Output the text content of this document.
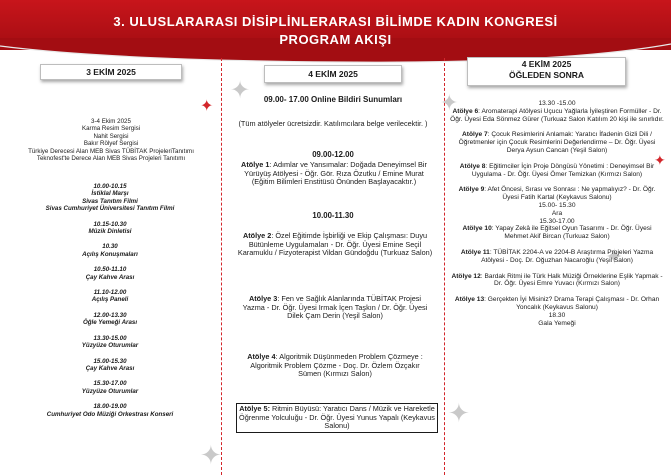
3. ULUSLARARASI DİSİPLİNLERARASI BİLİMDE KADIN KONGRESİ
PROGRAM AKIŞI
3 EKİM 2025	4 EKİM 2025
4 EKİM 2025
ÖĞLEDEN SONRA
✦	✦
✦
✦
✦
✦
✦
3-4 Ekim 2025
Karma Resim Sergisi
Nahit Sergisi
Bakır Rölyef Sergisi
Türkiye Derecesi Alan MEB Sivas TÜBİTAK ProjeleriTanıtımı
Teknofest'te Derece Alan MEB Sivas Projeleri Tanıtımı
10.00-10.15
İstiklal Marşı
Sivas Tanıtım Filmi
Sivas Cumhuriyet Üniversitesi Tanıtım Filmi
10.15-10.30
Müzik Dinletisi
10.30
Açılış Konuşmaları
10.50-11.10
Çay Kahve Arası
11.10-12.00
Açılış Paneli
12.00-13.30
Öğle Yemeği Arası
13.30-15.00
Yüzyüze Oturumlar
15.00-15.30
Çay Kahve Arası
15.30-17.00
Yüzyüze Oturumlar
18.00-19.00
Cumhuriyet Odo Müziği Orkestrası Konseri
09.00- 17.00 Online Bildiri Sunumları
(Tüm atölyeler ücretsizdir. Katılımcılara belge verilecektir. )
09.00-12.00
Atölye 1: Adımlar ve Yansımalar: Doğada Deneyimsel Bir Yürüyüş Atölyesi - Öğr. Gör. Rıza Özutku / Emine Murat (Eğitim Bilimleri Enstitüsü Önünden Başlayacaktır.)
10.00-11.30
Atölye 2: Özel Eğitimde İşbirliği ve Ekip Çalışması: Duyu Bütünleme Uygulamaları - Dr. Öğr. Üyesi Emine Seçil Karamuklu / Fizyoterapist Vildan Gündoğdu (Turkuaz Salon)
Atölye 3: Fen ve Sağlık Alanlarında TÜBİTAK Projesi Yazma - Dr. Öğr. Üyesi Irmak İçen Taşkın / Dr. Öğr. Üyesi Dilek Çam Derin (Yeşil Salon)
Atölye 4: Algoritmik Düşünmeden Problem Çözmeye : Algoritmik Problem Çözme - Doç. Dr. Özlem Özçakır Sümen (Kırmızı Salon)
Atölye 5: Ritmin Büyüsü: Yaratıcı Dans / Müzik ve Hareketle Öğrenme Yolculuğu - Dr. Öğr. Üyesi Yunus Yapalı (Keykavus Salonu)
13.30 -15.00
Atölye 6: Aromaterapi Atölyesi Uçucu Yağlarla İyileştiren Formüller - Dr. Öğr. Üyesi Eda Sönmez Gürer (Turkuaz Salon Katılım 20 kişi ile sınırlıdır.
Atölye 7: Çocuk Resimlerini Anlamak: Yaratıcı İfadenin Gizli Dili / Öğretmenler için Çocuk Resimlerini Değerlendirme – Dr. Öğr. Üyesi Derya Aysun Cancan (Yeşil Salon)
Atölye 8: Eğitimciler İçin Proje Döngüsü Yönetimi : Deneyimsel Bir Uygulama - Dr. Öğr. Üyesi Ömer Temizkan (Kırmızı Salon)
Atölye 9: Afet Öncesi, Sırası ve Sonrası : Ne yapmalıyız? - Dr. Öğr. Üyesi Fatih Kartal (Keykavus Salonu)
15.00- 15.30
Ara
15.30-17.00
Atölye 10: Yapay Zekâ ile Eğitsel Oyun Tasarımı - Dr. Öğr. Üyesi Mehmet Akif Bircan (Turkuaz Salon)
Atölye 11: TÜBİTAK 2204-A ve 2204-B Araştırma Projeleri Yazma Atölyesi - Doç. Dr. Oğuzhan Nacaroğlu (Yeşil Salon)
Atölye 12: Bardak Ritmi ile Türk Halk Müziği Örneklerine Eşlik Yapmak - Dr. Öğr. Üyesi Emre Yuvacı (Kırmızı Salon)
Atölye 13: Gerçekten İyi Misiniz? Drama Terapi Çalışması - Dr. Orhan Yoncalık (Keykavus Salonu)
18.30
Gala Yemeği
